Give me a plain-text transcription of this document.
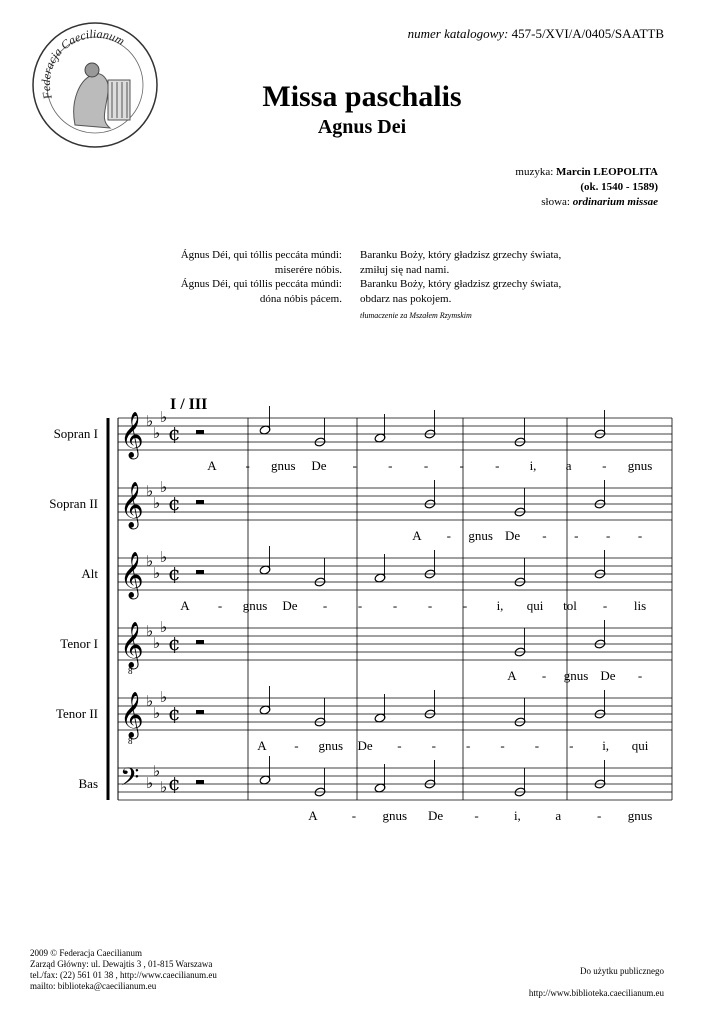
Federacja Caecilianum	numer katalogowy: 457-5/XVI/A/0405/SAATTB
Missa paschalis
Agnus Dei
muzyka: Marcin LEOPOLITA
(ok. 1540 - 1589)
słowa: ordinarium missae
Ágnus Déi, qui tóllis peccáta múndi:
miserére nóbis.
Ágnus Déi, qui tóllis peccáta múndi:
dóna nóbis pácem.
Baranku Boży, który gładzisz grzechy świata,
zmiłuj się nad nami.
Baranku Boży, który gładzisz grzechy świata,
obdarz nas pokojem.
tłumaczenie za Mszałem Rzymskim
I / III
𝄞 ♭
♭
♭
¢
A - gnus De - - - - - i, a - gnus
𝄞 ♭
♭
♭
¢
A - gnus De - - - -
𝄞 ♭
♭
♭
¢
A - gnus De - - - - - i, qui tol - lis
𝄞
8
♭
♭
♭
¢
A - gnus De -
𝄞
8
♭
♭
♭
¢
A - gnus De - - - - - - i, qui
𝄢 ♭
♭
♭ ¢
A	- gnus De -	i,	a	- gnus
Sopran I
Sopran II
Alt
Tenor I
Tenor II
Bas
2009 © Federacja Caecilianum
Zarząd Główny: ul. Dewajtis 3 , 01-815 Warszawa
tel./fax: (22) 561 01 38 , http://www.caecilianum.eu
mailto: biblioteka@caecilianum.eu
Do użytku publicznego
http://www.biblioteka.caecilianum.eu
